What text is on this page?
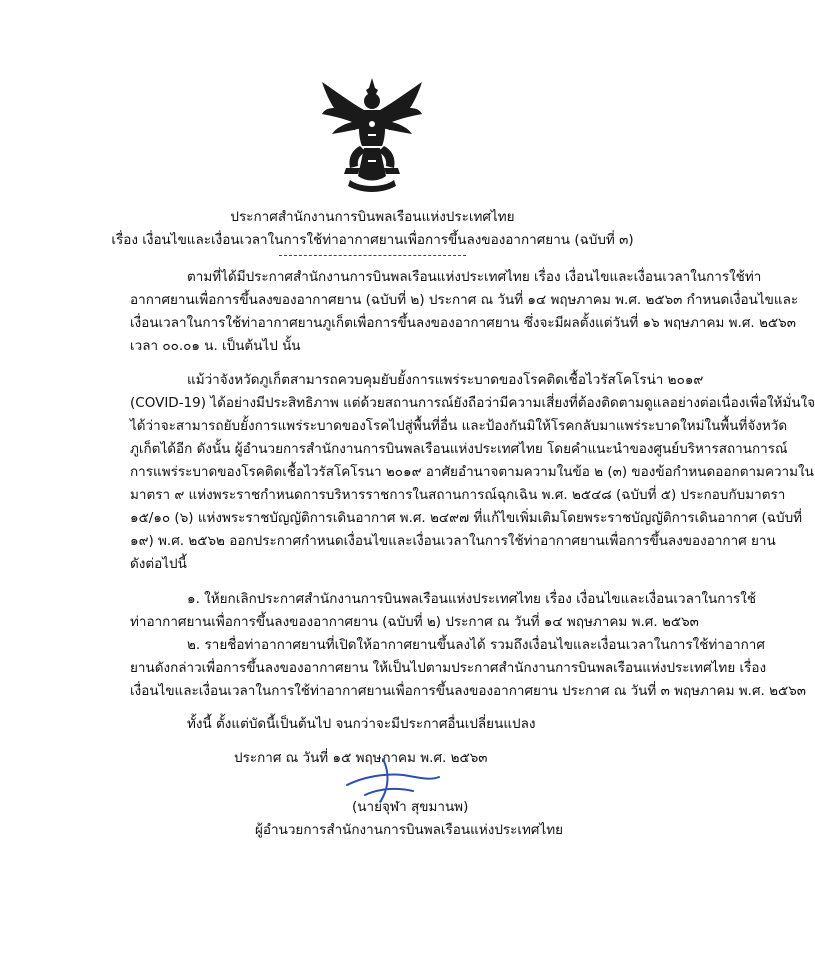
ประกาศสำนักงานการบินพลเรือนแห่งประเทศไทย
เรื่อง เงื่อนไขและเงื่อนเวลาในการใช้ท่าอากาศยานเพื่อการขึ้นลงของอากาศยาน (ฉบับที่ ๓)
ตามที่ได้มีประกาศสำนักงานการบินพลเรือนแห่งประเทศไทย เรื่อง เงื่อนไขและเงื่อนเวลาในการใช้ท่า
อากาศยานเพื่อการขึ้นลงของอากาศยาน (ฉบับที่ ๒) ประกาศ ณ วันที่ ๑๔ พฤษภาคม พ.ศ. ๒๕๖๓ กำหนดเงื่อนไขและ
เงื่อนเวลาในการใช้ท่าอากาศยานภูเก็ตเพื่อการขึ้นลงของอากาศยาน ซึ่งจะมีผลตั้งแต่วันที่ ๑๖ พฤษภาคม พ.ศ. ๒๕๖๓
เวลา ๐๐.๐๑ น. เป็นต้นไป นั้น
แม้ว่าจังหวัดภูเก็ตสามารถควบคุมยับยั้งการแพร่ระบาดของโรคติดเชื้อไวรัสโคโรน่า ๒๐๑๙
(COVID-19) ได้อย่างมีประสิทธิภาพ แต่ด้วยสถานการณ์ยังถือว่ามีความเสี่ยงที่ต้องติดตามดูแลอย่างต่อเนื่องเพื่อให้มั่นใจ
ได้ว่าจะสามารถยับยั้งการแพร่ระบาดของโรคไปสู่พื้นที่อื่น และป้องกันมิให้โรคกลับมาแพร่ระบาดใหม่ในพื้นที่จังหวัด
ภูเก็ตได้อีก ดังนั้น ผู้อำนวยการสำนักงานการบินพลเรือนแห่งประเทศไทย โดยคำแนะนำของศูนย์บริหารสถานการณ์
การแพร่ระบาดของโรคติดเชื้อไวรัสโคโรนา ๒๐๑๙ อาศัยอำนาจตามความในข้อ ๒ (๓) ของข้อกำหนดออกตามความใน
มาตรา ๙ แห่งพระราชกำหนดการบริหารราชการในสถานการณ์ฉุกเฉิน พ.ศ. ๒๕๔๘ (ฉบับที่ ๕) ประกอบกับมาตรา
๑๕/๑๐ (๖) แห่งพระราชบัญญัติการเดินอากาศ พ.ศ. ๒๔๙๗ ที่แก้ไขเพิ่มเติมโดยพระราชบัญญัติการเดินอากาศ (ฉบับที่
๑๙) พ.ศ. ๒๕๖๒ ออกประกาศกำหนดเงื่อนไขและเงื่อนเวลาในการใช้ท่าอากาศยานเพื่อการขึ้นลงของอากาศ ยาน
ดังต่อไปนี้
๑. ให้ยกเลิกประกาศสำนักงานการบินพลเรือนแห่งประเทศไทย เรื่อง เงื่อนไขและเงื่อนเวลาในการใช้
ท่าอากาศยานเพื่อการขึ้นลงของอากาศยาน (ฉบับที่ ๒) ประกาศ ณ วันที่ ๑๔ พฤษภาคม พ.ศ. ๒๕๖๓
๒. รายชื่อท่าอากาศยานที่เปิดให้อากาศยานขึ้นลงได้ รวมถึงเงื่อนไขและเงื่อนเวลาในการใช้ท่าอากาศ
ยานดังกล่าวเพื่อการขึ้นลงของอากาศยาน ให้เป็นไปตามประกาศสำนักงานการบินพลเรือนแห่งประเทศไทย เรื่อง
เงื่อนไขและเงื่อนเวลาในการใช้ท่าอากาศยานเพื่อการขึ้นลงของอากาศยาน ประกาศ ณ วันที่ ๓ พฤษภาคม พ.ศ. ๒๕๖๓
ทั้งนี้ ตั้งแต่บัดนี้เป็นต้นไป จนกว่าจะมีประกาศอื่นเปลี่ยนแปลง
ประกาศ ณ วันที่ ๑๕ พฤษภาคม พ.ศ. ๒๕๖๓
(นายจุฬา สุขมานพ)
ผู้อำนวยการสำนักงานการบินพลเรือนแห่งประเทศไทย
